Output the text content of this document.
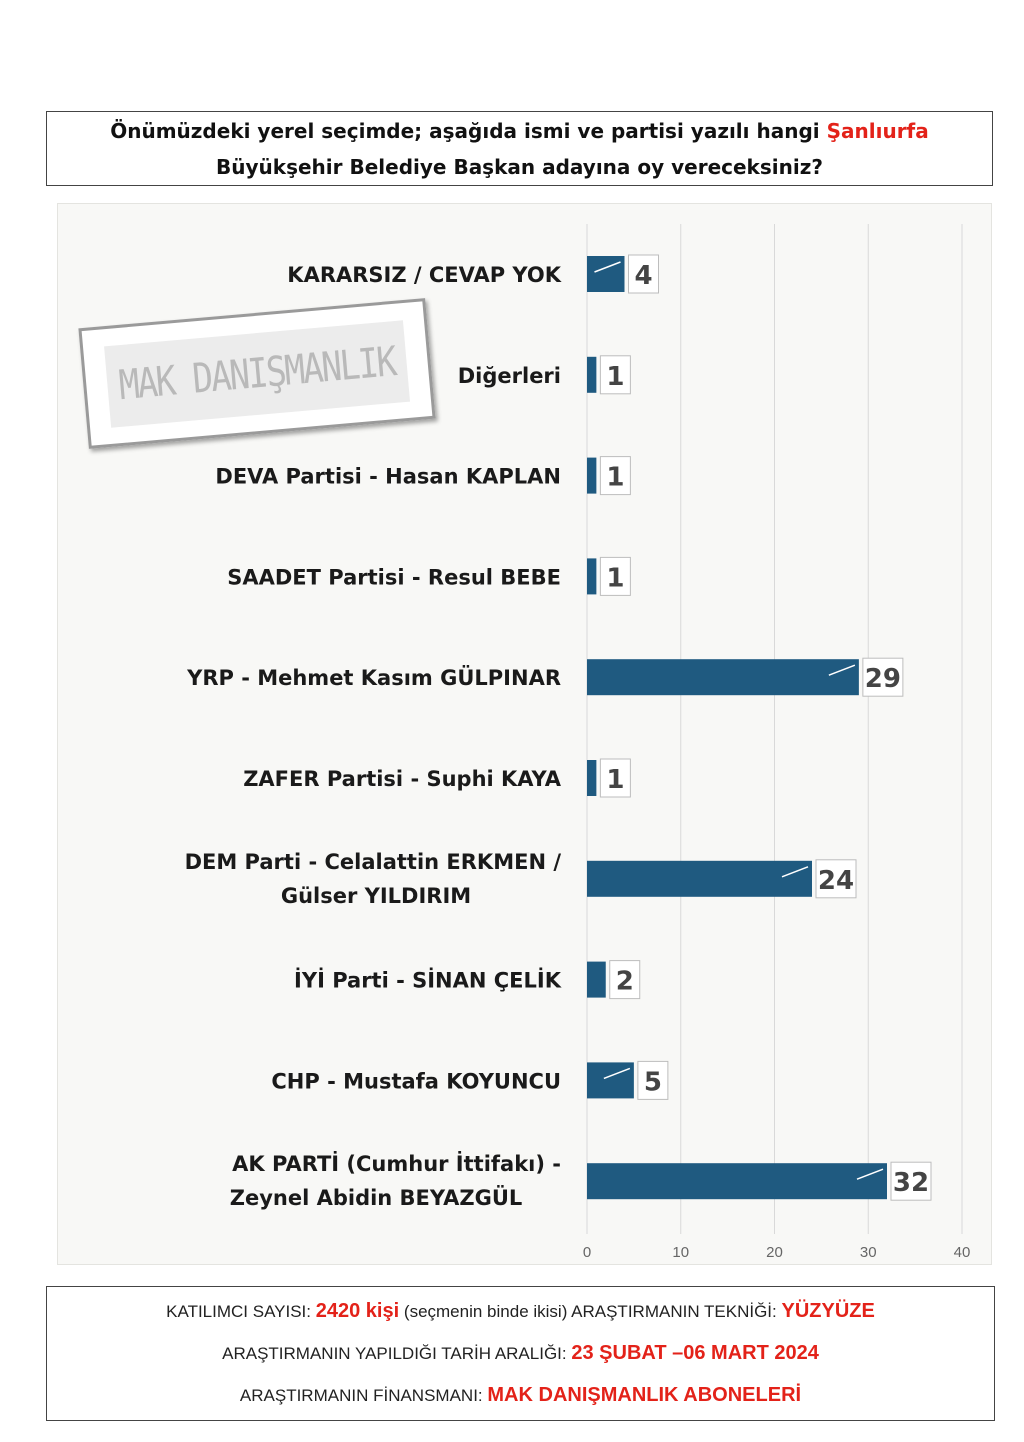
Önümüzdeki yerel seçimde; aşağıda ismi ve partisi yazılı hangi Şanlıurfa
Büyükşehir Belediye Başkan adayına oy vereceksiniz?
0	10	20	30	40
4
KARARSIZ / CEVAP YOK
1
Diğerleri
1
DEVA Partisi - Hasan KAPLAN
1
SAADET Partisi - Resul BEBE
29
YRP - Mehmet Kasım GÜLPINAR
1
ZAFER Partisi - Suphi KAYA
24
DEM Parti - Celalattin ERKMEN /
Gülser YILDIRIM
2
İYİ Parti - SİNAN ÇELİK
5
CHP - Mustafa KOYUNCU
32
AK PARTİ (Cumhur İttifakı) -
Zeynel Abidin BEYAZGÜL
MAK DANIŞMANLIK
KATILIMCI SAYISI: 2420 kişi (seçmenin binde ikisi) ARAŞTIRMANIN TEKNİĞİ: YÜZYÜZE
ARAŞTIRMANIN YAPILDIĞI TARİH ARALIĞI: 23 ŞUBAT –06 MART 2024
ARAŞTIRMANIN FİNANSMANI: MAK DANIŞMANLIK ABONELERİ
